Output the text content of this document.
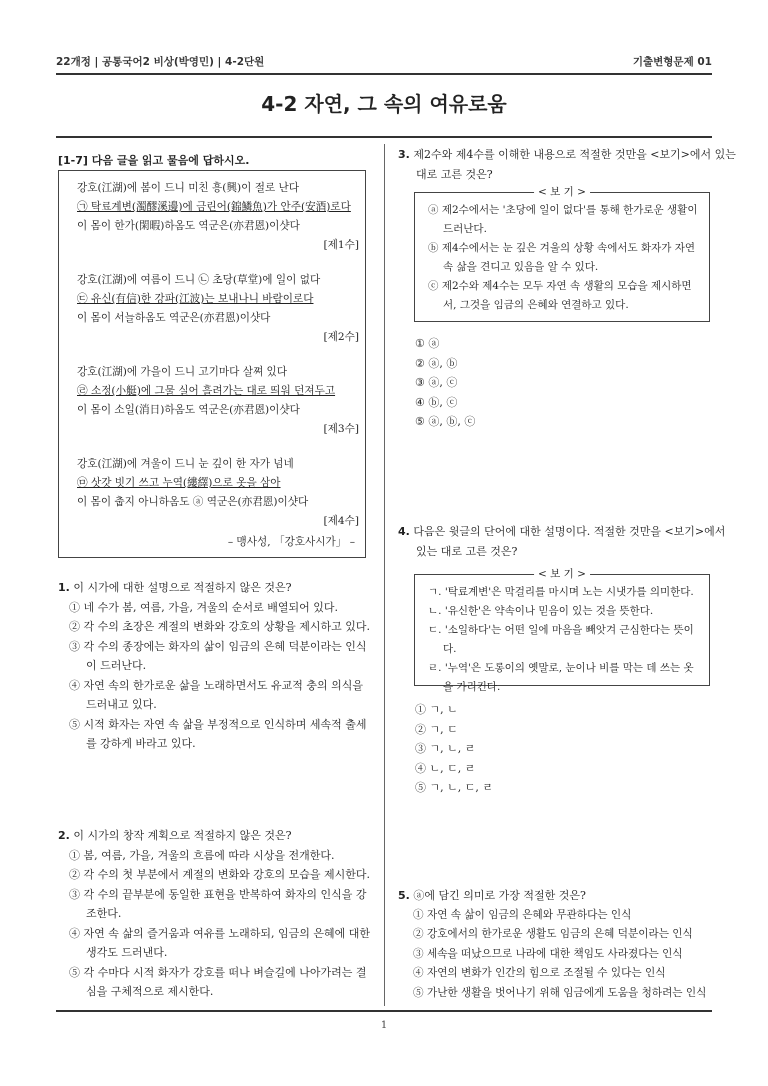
22개정 | 공통국어2 비상(박영민) | 4-2단원	기출변형문제 01
4-2 자연, 그 속의 여유로움
[1-7] 다음 글을 읽고 물음에 답하시오.
강호(江湖)에 봄이 드니 미친 흥(興)이 절로 난다
㉠ 탁료계변(濁醪溪邊)에 금린어(錦鱗魚)가 안주(安酒)로다
이 몸이 한가(閑暇)하옴도 역군은(亦君恩)이샷다
[제1수]
강호(江湖)에 여름이 드니 ㉡ 초당(草堂)에 일이 없다
㉢ 유신(有信)한 강파(江波)는 보내나니 바람이로다
이 몸이 서늘하옴도 역군은(亦君恩)이샷다
[제2수]
강호(江湖)에 가을이 드니 고기마다 살쪄 있다
㉣ 소정(小艇)에 그물 실어 흘려가는 대로 띄워 던져두고
이 몸이 소일(消日)하옴도 역군은(亦君恩)이샷다
[제3수]
강호(江湖)에 겨울이 드니 눈 깊이 한 자가 넘네
㉤ 삿갓 빗기 쓰고 누역(縷繹)으로 옷을 삼아
이 몸이 춥지 아니하옴도 ⓐ 역군은(亦君恩)이샷다
[제4수]
– 맹사성, 「강호사시가」 –
1. 이 시가에 대한 설명으로 적절하지 않은 것은?
① 네 수가 봄, 여름, 가을, 겨울의 순서로 배열되어 있다.
② 각 수의 초장은 계절의 변화와 강호의 상황을 제시하고 있다.
③ 각 수의 종장에는 화자의 삶이 임금의 은혜 덕분이라는 인식이 드러난다.
④ 자연 속의 한가로운 삶을 노래하면서도 유교적 충의 의식을 드러내고 있다.
⑤ 시적 화자는 자연 속 삶을 부정적으로 인식하며 세속적 출세를 강하게 바라고 있다.
2. 이 시가의 창작 계획으로 적절하지 않은 것은?
① 봄, 여름, 가을, 겨울의 흐름에 따라 시상을 전개한다.
② 각 수의 첫 부분에서 계절의 변화와 강호의 모습을 제시한다.
③ 각 수의 끝부분에 동일한 표현을 반복하여 화자의 인식을 강조한다.
④ 자연 속 삶의 즐거움과 여유를 노래하되, 임금의 은혜에 대한 생각도 드러낸다.
⑤ 각 수마다 시적 화자가 강호를 떠나 벼슬길에 나아가려는 결심을 구체적으로 제시한다.
3. 제2수와 제4수를 이해한 내용으로 적절한 것만을 <보기>에서 있는
대로 고른 것은?
< 보 기 >
ⓐ 제2수에서는 '초당에 일이 없다'를 통해 한가로운 생활이 드러난다.
ⓑ 제4수에서는 눈 깊은 겨울의 상황 속에서도 화자가 자연 속 삶을 견디고 있음을 알 수 있다.
ⓒ 제2수와 제4수는 모두 자연 속 생활의 모습을 제시하면서, 그것을 임금의 은혜와 연결하고 있다.
① ⓐ
② ⓐ, ⓑ
③ ⓐ, ⓒ
④ ⓑ, ⓒ
⑤ ⓐ, ⓑ, ⓒ
4. 다음은 윗글의 단어에 대한 설명이다. 적절한 것만을 <보기>에서
있는 대로 고른 것은?
< 보 기 >
ㄱ. '탁료계변'은 막걸리를 마시며 노는 시냇가를 의미한다.
ㄴ. '유신한'은 약속이나 믿음이 있는 것을 뜻한다.
ㄷ. '소일하다'는 어떤 일에 마음을 빼앗겨 근심한다는 뜻이다.
ㄹ. '누역'은 도롱이의 옛말로, 눈이나 비를 막는 데 쓰는 옷을 가리킨다.
① ㄱ, ㄴ
② ㄱ, ㄷ
③ ㄱ, ㄴ, ㄹ
④ ㄴ, ㄷ, ㄹ
⑤ ㄱ, ㄴ, ㄷ, ㄹ
5. ⓐ에 담긴 의미로 가장 적절한 것은?
① 자연 속 삶이 임금의 은혜와 무관하다는 인식
② 강호에서의 한가로운 생활도 임금의 은혜 덕분이라는 인식
③ 세속을 떠났으므로 나라에 대한 책임도 사라졌다는 인식
④ 자연의 변화가 인간의 힘으로 조절될 수 있다는 인식
⑤ 가난한 생활을 벗어나기 위해 임금에게 도움을 청하려는 인식
1
